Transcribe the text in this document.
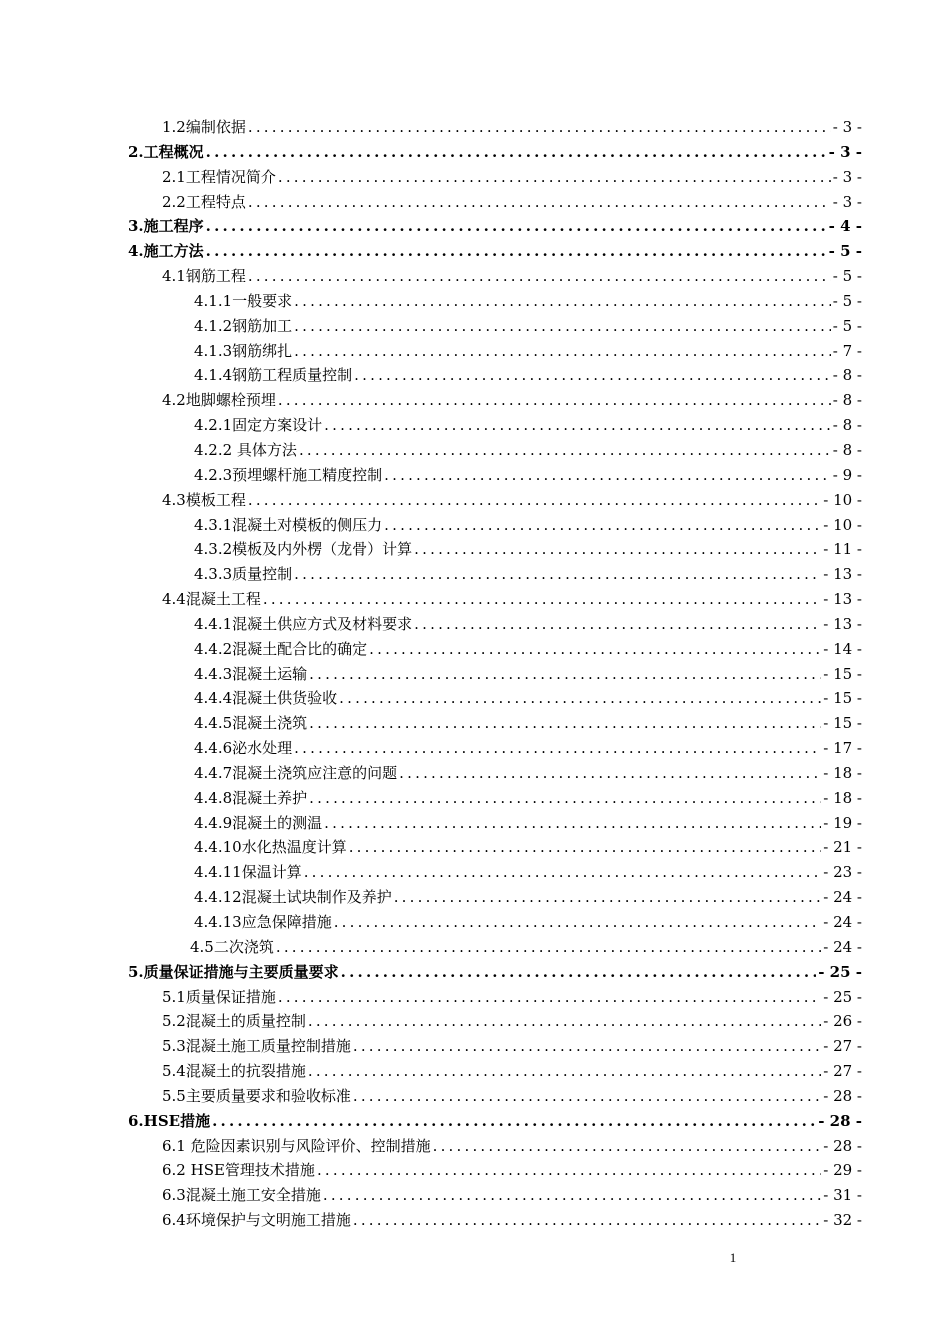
1.2编制依据 .....	- 3 -
2.工程概况 .....	- 3 -
2.1工程情况简介 .....	- 3 -
2.2工程特点 .....	- 3 -
3.施工程序 .....	- 4 -
4.施工方法 .....	- 5 -
4.1钢筋工程 .....	- 5 -
4.1.1一般要求 .....	- 5 -
4.1.2钢筋加工 .....	- 5 -
4.1.3钢筋绑扎 .....	- 7 -
4.1.4钢筋工程质量控制 .....	- 8 -
4.2地脚螺栓预埋 .....	- 8 -
4.2.1固定方案设计 .....	- 8 -
4.2.2 具体方法 .....	- 8 -
4.2.3预埋螺杆施工精度控制 .....	- 9 -
4.3模板工程 .....	- 10 -
4.3.1混凝土对模板的侧压力 .....	- 10 -
4.3.2模板及内外楞（龙骨）计算 .....	- 11 -
4.3.3质量控制 .....	- 13 -
4.4混凝土工程 .....	- 13 -
4.4.1混凝土供应方式及材料要求 .....	- 13 -
4.4.2混凝土配合比的确定 .....	- 14 -
4.4.3混凝土运输 .....	- 15 -
4.4.4混凝土供货验收 .....	- 15 -
4.4.5混凝土浇筑 .....	- 15 -
4.4.6泌水处理 .....	- 17 -
4.4.7混凝土浇筑应注意的问题 .....	- 18 -
4.4.8混凝土养护 .....	- 18 -
4.4.9混凝土的测温 .....	- 19 -
4.4.10水化热温度计算 .....	- 21 -
4.4.11保温计算 .....	- 23 -
4.4.12混凝土试块制作及养护 .....	- 24 -
4.4.13应急保障措施 .....	- 24 -
4.5二次浇筑 .....	- 24 -
5.质量保证措施与主要质量要求 .....	- 25 -
5.1质量保证措施 .....	- 25 -
5.2混凝土的质量控制 .....	- 26 -
5.3混凝土施工质量控制措施 .....	- 27 -
5.4混凝土的抗裂措施 .....	- 27 -
5.5主要质量要求和验收标准 .....	- 28 -
6.HSE措施 .....	- 28 -
6.1 危险因素识别与风险评价、控制措施 .....	- 28 -
6.2 HSE管理技术措施 .....	- 29 -
6.3混凝土施工安全措施 .....	- 31 -
6.4环境保护与文明施工措施 .....	- 32 -
1
